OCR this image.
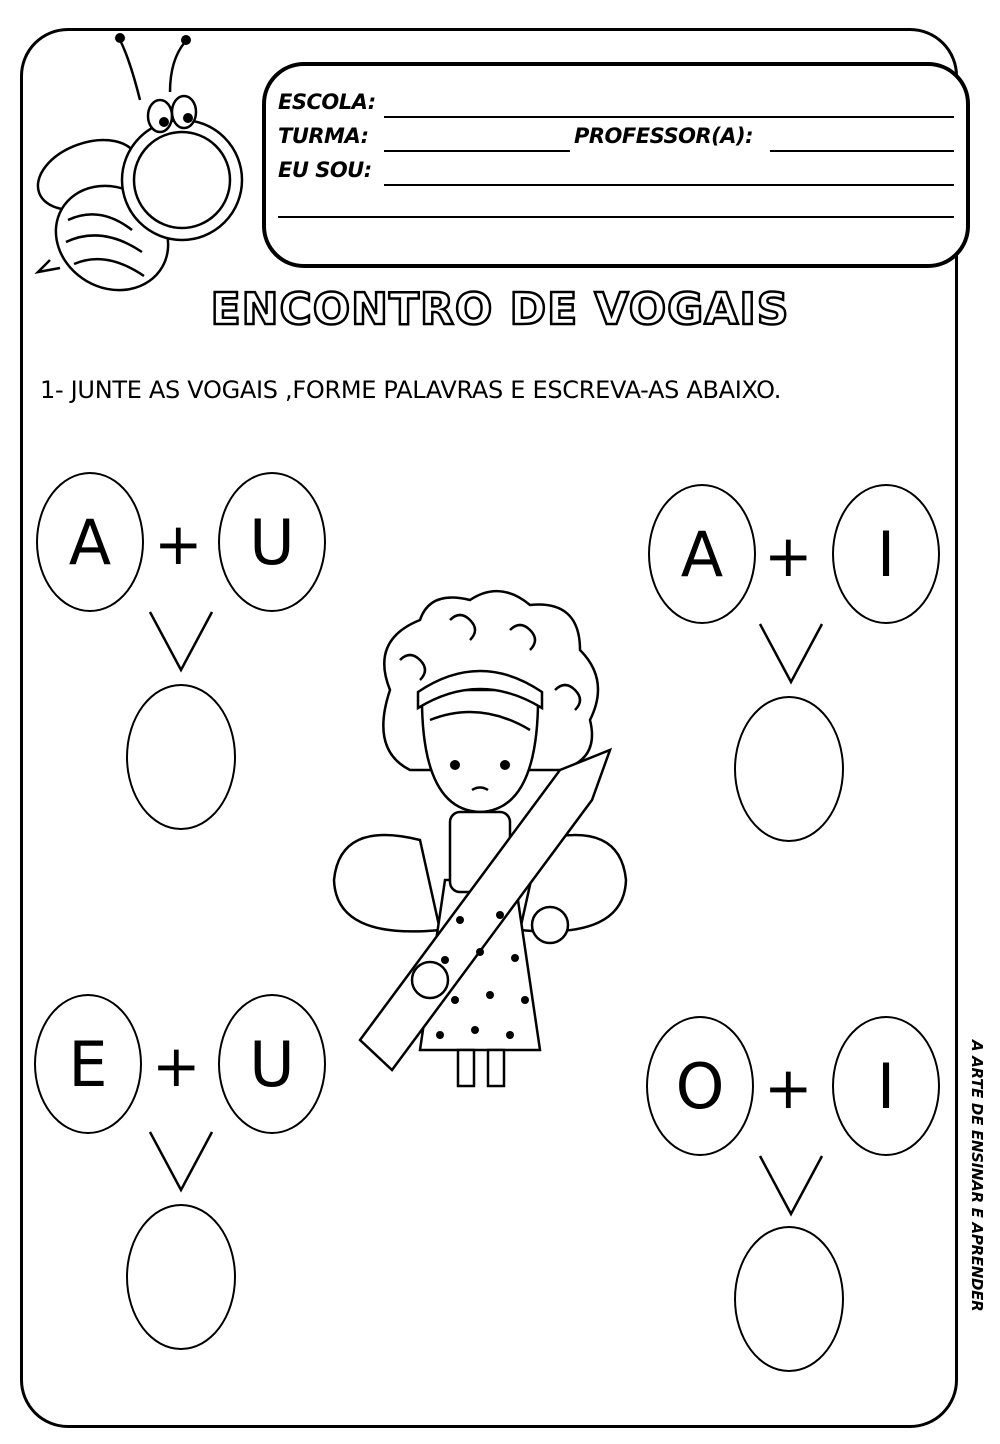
ESCOLA:
TURMA:	PROFESSOR(A):
EU SOU:
ENCONTRO DE VOGAIS
1- JUNTE AS VOGAIS ,FORME PALAVRAS E ESCREVA-AS ABAIXO.
A + U	A +	I
E + U	O +	I	A ARTE DE ENSINAR E APRENDER
